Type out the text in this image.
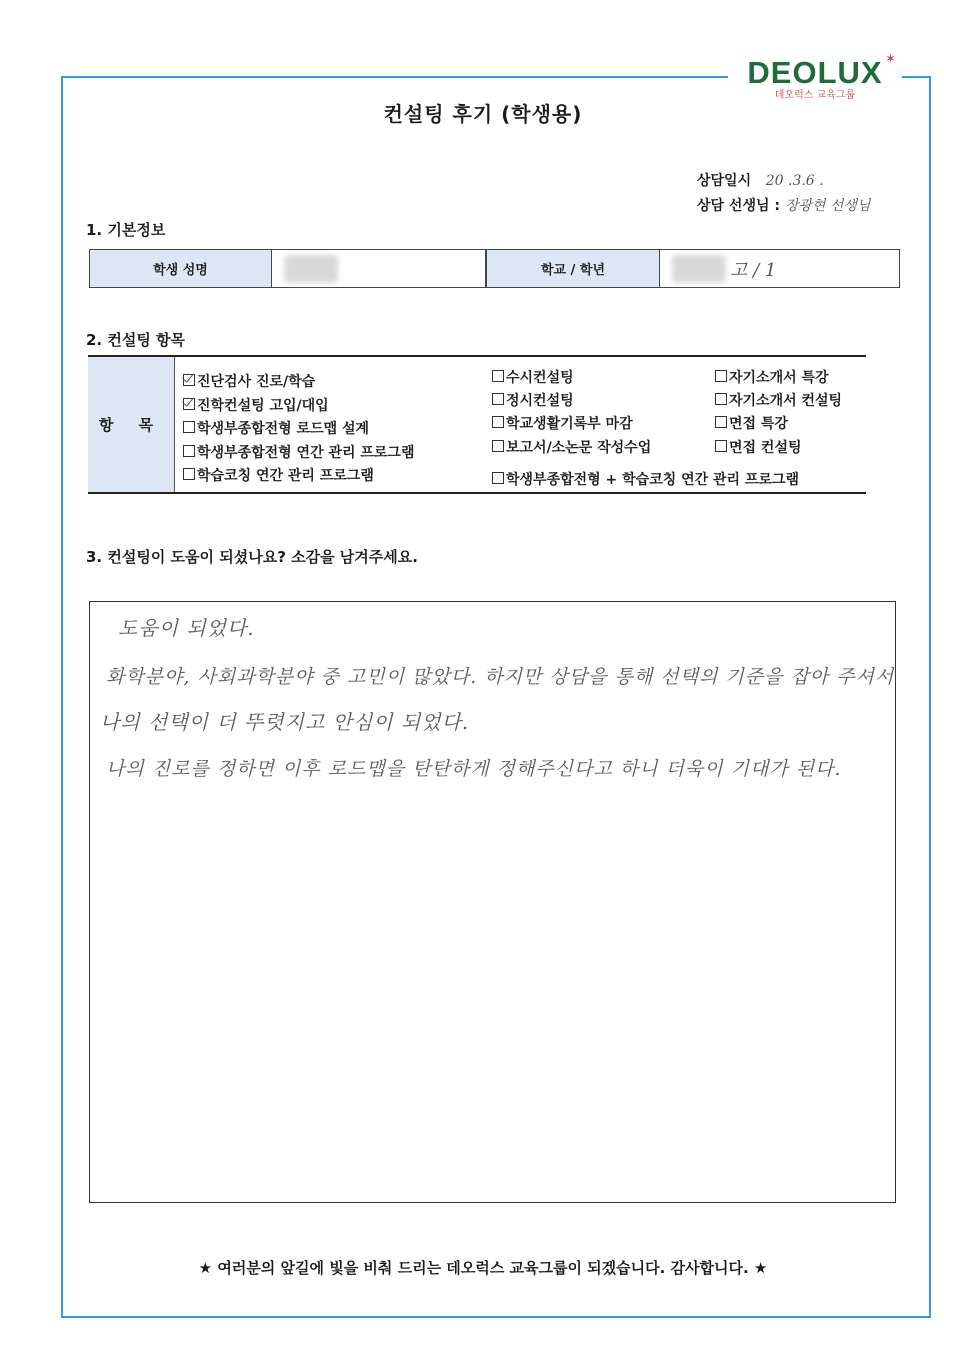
✶
DEOLUX
데오럭스 교육그룹
컨설팅 후기 (학생용)
상담일시 20 .3.6 .
상담 선생님 : 장광현 선생님
1. 기본정보
학생 성명	학교 / 학년	고 / 1
2. 컨설팅 항목
항 목
진단검사 진로/학습
진학컨설팅 고입/대입
학생부종합전형 로드맵 설계
학생부종합전형 연간 관리 프로그램
학습코칭 연간 관리 프로그램
수시컨설팅
정시컨설팅
학교생활기록부 마감
보고서/소논문 작성수업
학생부종합전형 + 학습코칭 연간 관리 프로그램
자기소개서 특강
자기소개서 컨설팅
면접 특강
면접 컨설팅
3. 컨설팅이 도움이 되셨나요? 소감을 남겨주세요.
도움이 되었다.
화학분야, 사회과학분야 중 고민이 많았다. 하지만 상담을 통해 선택의 기준을 잡아 주셔서
나의 선택이 더 뚜렷지고 안심이 되었다.
나의 진로를 정하면 이후 로드맵을 탄탄하게 정해주신다고 하니 더욱이 기대가 된다.
★ 여러분의 앞길에 빛을 비춰 드리는 데오럭스 교육그룹이 되겠습니다. 감사합니다. ★
